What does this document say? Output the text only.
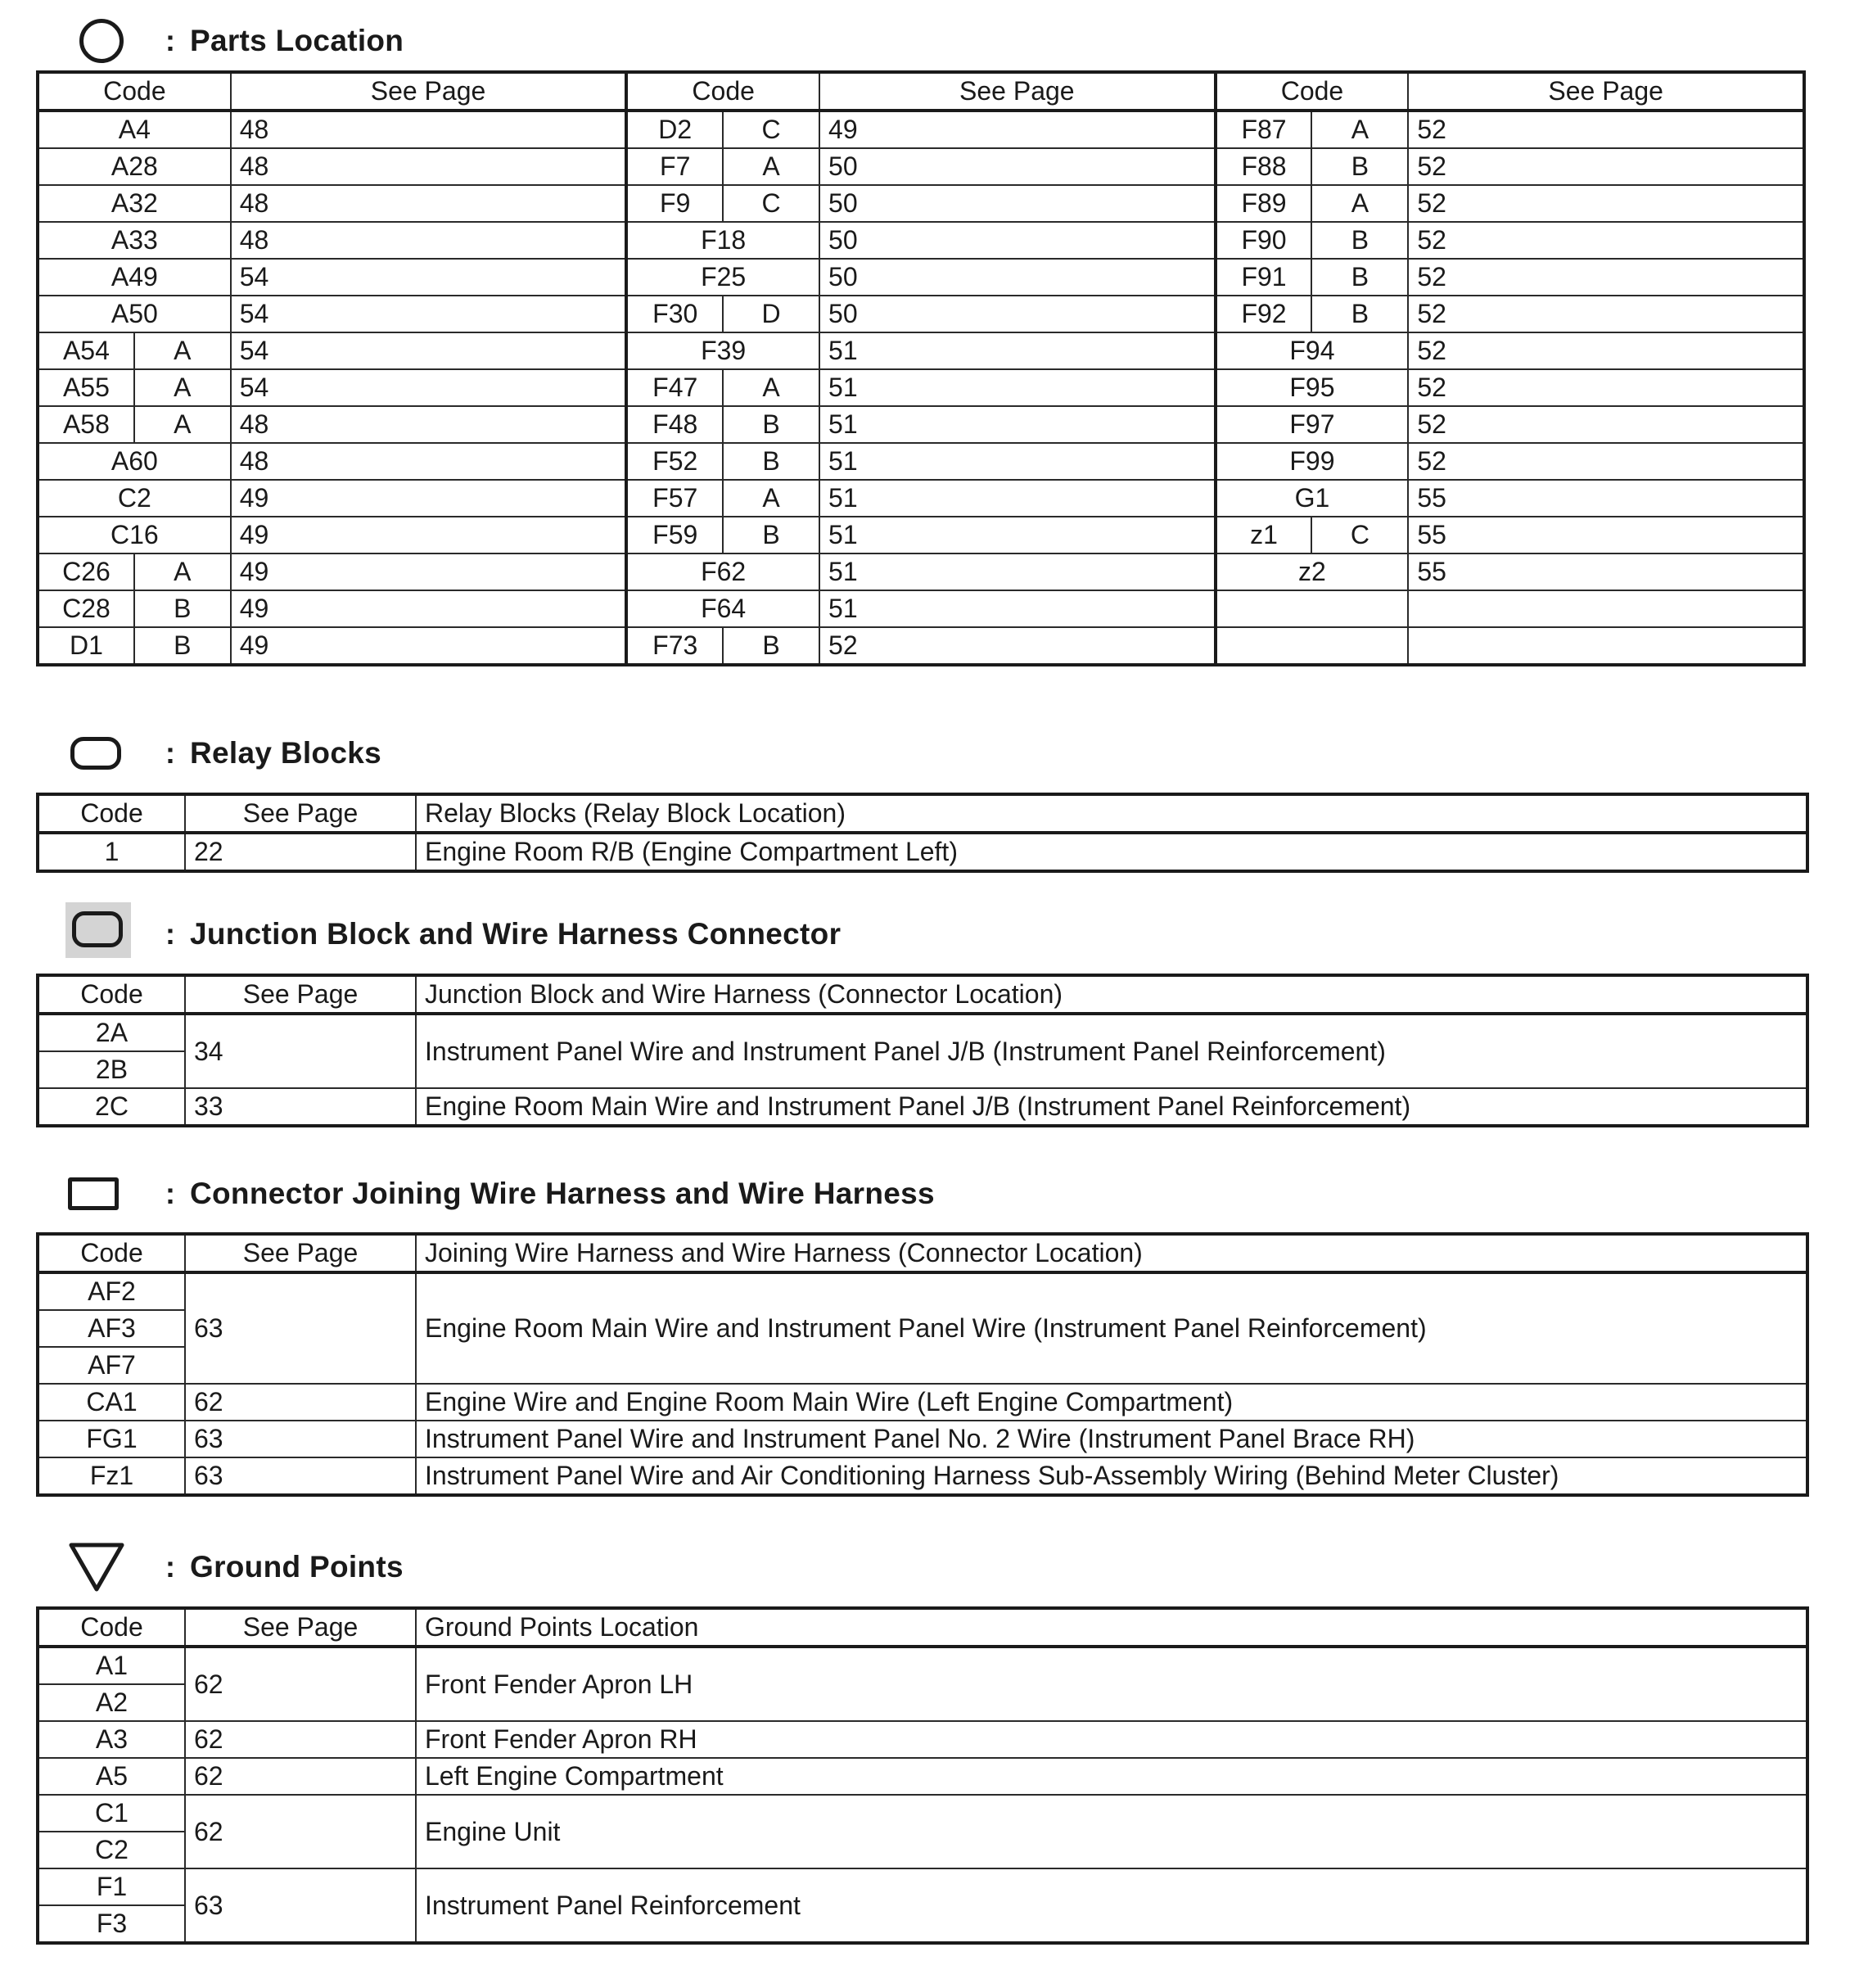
: Parts Location
: Relay Blocks
: Junction Block and Wire Harness Connector
: Connector Joining Wire Harness and Wire Harness
: Ground Points
Code		See Page	Code		See Page	Code		See Page
A4		48	D2	C	49	F87	A	52
A28		48	F7	A	50	F88	B	52
A32		48	F9	C	50	F89	A	52
A33		48	F18		50	F90	B	52
A49		54	F25		50	F91	B	52
A50		54	F30	D	50	F92	B	52
A54	A	54	F39		51	F94		52
A55	A	54	F47	A	51	F95		52
A58	A	48	F48	B	51	F97		52
A60		48	F52	B	51	F99		52
C2		49	F57	A	51	G1		55
C16		49	F59	B	51	z1	C	55
C26	A	49	F62		51	z2		55
C28	B	49	F64		51			
D1	B	49	F73	B	52			
Code	See Page	Relay Blocks (Relay Block Location)
1	22	Engine Room R/B (Engine Compartment Left)
Code	See Page	Junction Block and Wire Harness (Connector Location)
2A	34	Instrument Panel Wire and Instrument Panel J/B (Instrument Panel Reinforcement)
2B		
2C	33	Engine Room Main Wire and Instrument Panel J/B (Instrument Panel Reinforcement)
Code	See Page	Joining Wire Harness and Wire Harness (Connector Location)
AF2	63	Engine Room Main Wire and Instrument Panel Wire (Instrument Panel Reinforcement)
AF3		
AF7		
CA1	62	Engine Wire and Engine Room Main Wire (Left Engine Compartment)
FG1	63	Instrument Panel Wire and Instrument Panel No. 2 Wire (Instrument Panel Brace RH)
Fz1	63	Instrument Panel Wire and Air Conditioning Harness Sub-Assembly Wiring (Behind Meter Cluster)
Code	See Page	Ground Points Location
A1	62	Front Fender Apron LH
A2		
A3	62	Front Fender Apron RH
A5	62	Left Engine Compartment
C1	62	Engine Unit
C2		
F1	63	Instrument Panel Reinforcement
F3		
